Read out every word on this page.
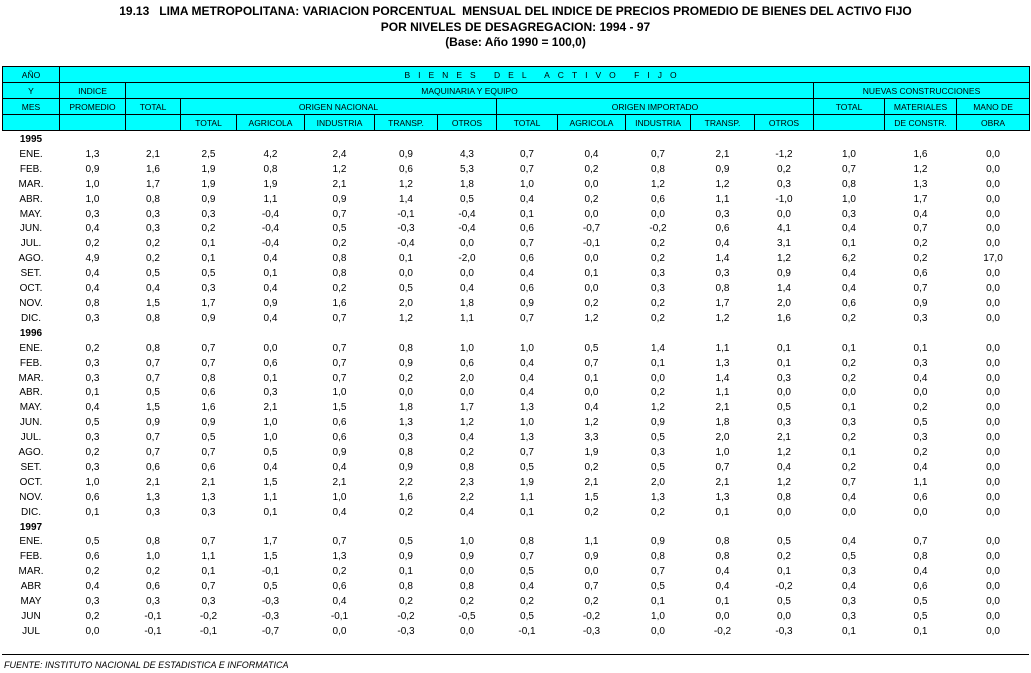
19.13   LIMA METROPOLITANA: VARIACION PORCENTUAL  MENSUAL DEL INDICE DE PRECIOS PROMEDIO DE BIENES DEL ACTIVO FIJO
POR NIVELES DE DESAGREGACION: 1994 - 97
(Base: Año 1990 = 100,0)
AÑO	BIENES DEL ACTIVO FIJO														
Y	INDICE	MAQUINARIA Y EQUIPO											NUEVAS CONSTRUCCIONES		
MES	PROMEDIO	TOTAL	ORIGEN NACIONAL					ORIGEN IMPORTADO					TOTAL	MATERIALES	MANO DE
			TOTAL	AGRICOLA	INDUSTRIA	TRANSP.	OTROS	TOTAL	AGRICOLA	INDUSTRIA	TRANSP.	OTROS		DE CONSTR.	OBRA
1995															
ENE.	1,3	2,1	2,5	4,2	2,4	0,9	4,3	0,7	0,4	0,7	2,1	-1,2	1,0	1,6	0,0
FEB.	0,9	1,6	1,9	0,8	1,2	0,6	5,3	0,7	0,2	0,8	0,9	0,2	0,7	1,2	0,0
MAR.	1,0	1,7	1,9	1,9	2,1	1,2	1,8	1,0	0,0	1,2	1,2	0,3	0,8	1,3	0,0
ABR.	1,0	0,8	0,9	1,1	0,9	1,4	0,5	0,4	0,2	0,6	1,1	-1,0	1,0	1,7	0,0
MAY.	0,3	0,3	0,3	-0,4	0,7	-0,1	-0,4	0,1	0,0	0,0	0,3	0,0	0,3	0,4	0,0
JUN.	0,4	0,3	0,2	-0,4	0,5	-0,3	-0,4	0,6	-0,7	-0,2	0,6	4,1	0,4	0,7	0,0
JUL.	0,2	0,2	0,1	-0,4	0,2	-0,4	0,0	0,7	-0,1	0,2	0,4	3,1	0,1	0,2	0,0
AGO.	4,9	0,2	0,1	0,4	0,8	0,1	-2,0	0,6	0,0	0,2	1,4	1,2	6,2	0,2	17,0
SET.	0,4	0,5	0,5	0,1	0,8	0,0	0,0	0,4	0,1	0,3	0,3	0,9	0,4	0,6	0,0
OCT.	0,4	0,4	0,3	0,4	0,2	0,5	0,4	0,6	0,0	0,3	0,8	1,4	0,4	0,7	0,0
NOV.	0,8	1,5	1,7	0,9	1,6	2,0	1,8	0,9	0,2	0,2	1,7	2,0	0,6	0,9	0,0
DIC.	0,3	0,8	0,9	0,4	0,7	1,2	1,1	0,7	1,2	0,2	1,2	1,6	0,2	0,3	0,0
1996															
ENE.	0,2	0,8	0,7	0,0	0,7	0,8	1,0	1,0	0,5	1,4	1,1	0,1	0,1	0,1	0,0
FEB.	0,3	0,7	0,7	0,6	0,7	0,9	0,6	0,4	0,7	0,1	1,3	0,1	0,2	0,3	0,0
MAR.	0,3	0,7	0,8	0,1	0,7	0,2	2,0	0,4	0,1	0,0	1,4	0,3	0,2	0,4	0,0
ABR.	0,1	0,5	0,6	0,3	1,0	0,0	0,0	0,4	0,0	0,2	1,1	0,0	0,0	0,0	0,0
MAY.	0,4	1,5	1,6	2,1	1,5	1,8	1,7	1,3	0,4	1,2	2,1	0,5	0,1	0,2	0,0
JUN.	0,5	0,9	0,9	1,0	0,6	1,3	1,2	1,0	1,2	0,9	1,8	0,3	0,3	0,5	0,0
JUL.	0,3	0,7	0,5	1,0	0,6	0,3	0,4	1,3	3,3	0,5	2,0	2,1	0,2	0,3	0,0
AGO.	0,2	0,7	0,7	0,5	0,9	0,8	0,2	0,7	1,9	0,3	1,0	1,2	0,1	0,2	0,0
SET.	0,3	0,6	0,6	0,4	0,4	0,9	0,8	0,5	0,2	0,5	0,7	0,4	0,2	0,4	0,0
OCT.	1,0	2,1	2,1	1,5	2,1	2,2	2,3	1,9	2,1	2,0	2,1	1,2	0,7	1,1	0,0
NOV.	0,6	1,3	1,3	1,1	1,0	1,6	2,2	1,1	1,5	1,3	1,3	0,8	0,4	0,6	0,0
DIC.	0,1	0,3	0,3	0,1	0,4	0,2	0,4	0,1	0,2	0,2	0,1	0,0	0,0	0,0	0,0
1997															
ENE.	0,5	0,8	0,7	1,7	0,7	0,5	1,0	0,8	1,1	0,9	0,8	0,5	0,4	0,7	0,0
FEB.	0,6	1,0	1,1	1,5	1,3	0,9	0,9	0,7	0,9	0,8	0,8	0,2	0,5	0,8	0,0
MAR.	0,2	0,2	0,1	-0,1	0,2	0,1	0,0	0,5	0,0	0,7	0,4	0,1	0,3	0,4	0,0
ABR	0,4	0,6	0,7	0,5	0,6	0,8	0,8	0,4	0,7	0,5	0,4	-0,2	0,4	0,6	0,0
MAY	0,3	0,3	0,3	-0,3	0,4	0,2	0,2	0,2	0,2	0,1	0,1	0,5	0,3	0,5	0,0
JUN	0,2	-0,1	-0,2	-0,3	-0,1	-0,2	-0,5	0,5	-0,2	1,0	0,0	0,0	0,3	0,5	0,0
JUL	0,0	-0,1	-0,1	-0,7	0,0	-0,3	0,0	-0,1	-0,3	0,0	-0,2	-0,3	0,1	0,1	0,0
FUENTE: INSTITUTO NACIONAL DE ESTADISTICA E INFORMATICA
